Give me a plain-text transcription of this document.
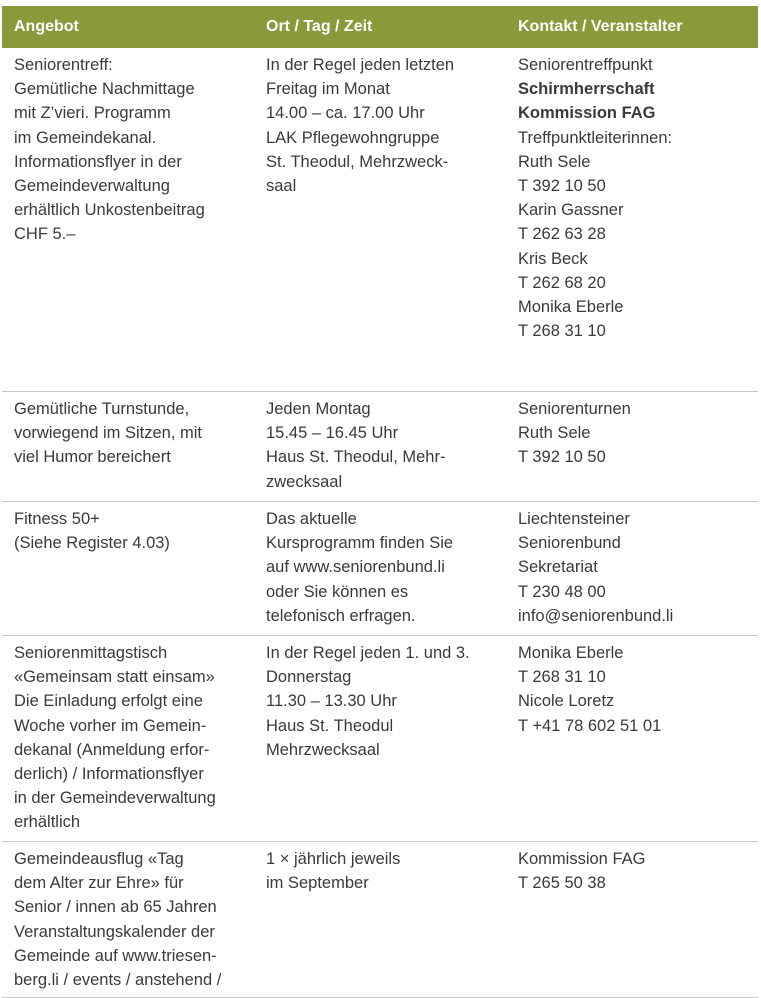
Angebot	Ort / Tag / Zeit	Kontakt / Veranstalter
Seniorentreff:
Gemütliche Nachmittage
mit Z’vieri. Programm
im Gemeindekanal.
Informationsflyer in der
Gemeindeverwaltung
erhältlich Unkostenbeitrag
CHF 5.–
In der Regel jeden letzten
Freitag im Monat
14.00 – ca. 17.00 Uhr
LAK Pflegewohngruppe
St. Theodul, Mehrzweck-
saal
Seniorentreffpunkt
Schirmherrschaft
Kommission FAG
Treffpunktleiterinnen:
Ruth Sele
T 392 10 50
Karin Gassner
T 262 63 28
Kris Beck
T 262 68 20
Monika Eberle
T 268 31 10
Gemütliche Turnstunde,
vorwiegend im Sitzen, mit
viel Humor bereichert
Jeden Montag
15.45 – 16.45 Uhr
Haus St. Theodul, Mehr-
zwecksaal
Seniorenturnen
Ruth Sele
T 392 10 50
Fitness 50+
(Siehe Register 4.03)
Das aktuelle
Kursprogramm finden Sie
auf www.seniorenbund.li
oder Sie können es
telefonisch erfragen.
Liechtensteiner
Seniorenbund
Sekretariat
T 230 48 00
info@seniorenbund.li
Seniorenmittagstisch
«Gemeinsam statt einsam»
Die Einladung erfolgt eine
Woche vorher im Gemein-
dekanal (Anmeldung erfor-
derlich) / Informationsflyer
in der Gemeindeverwaltung
erhältlich
In der Regel jeden 1. und 3.
Donnerstag
11.30 – 13.30 Uhr
Haus St. Theodul
Mehrzwecksaal
Monika Eberle
T 268 31 10
Nicole Loretz
T +41 78 602 51 01
Gemeindeausflug «Tag
dem Alter zur Ehre» für
Senior / innen ab 65 Jahren
Veranstaltungskalender der
Gemeinde auf www.triesen-
berg.li / events / anstehend /
1 × jährlich jeweils
im September
Kommission FAG
T 265 50 38
